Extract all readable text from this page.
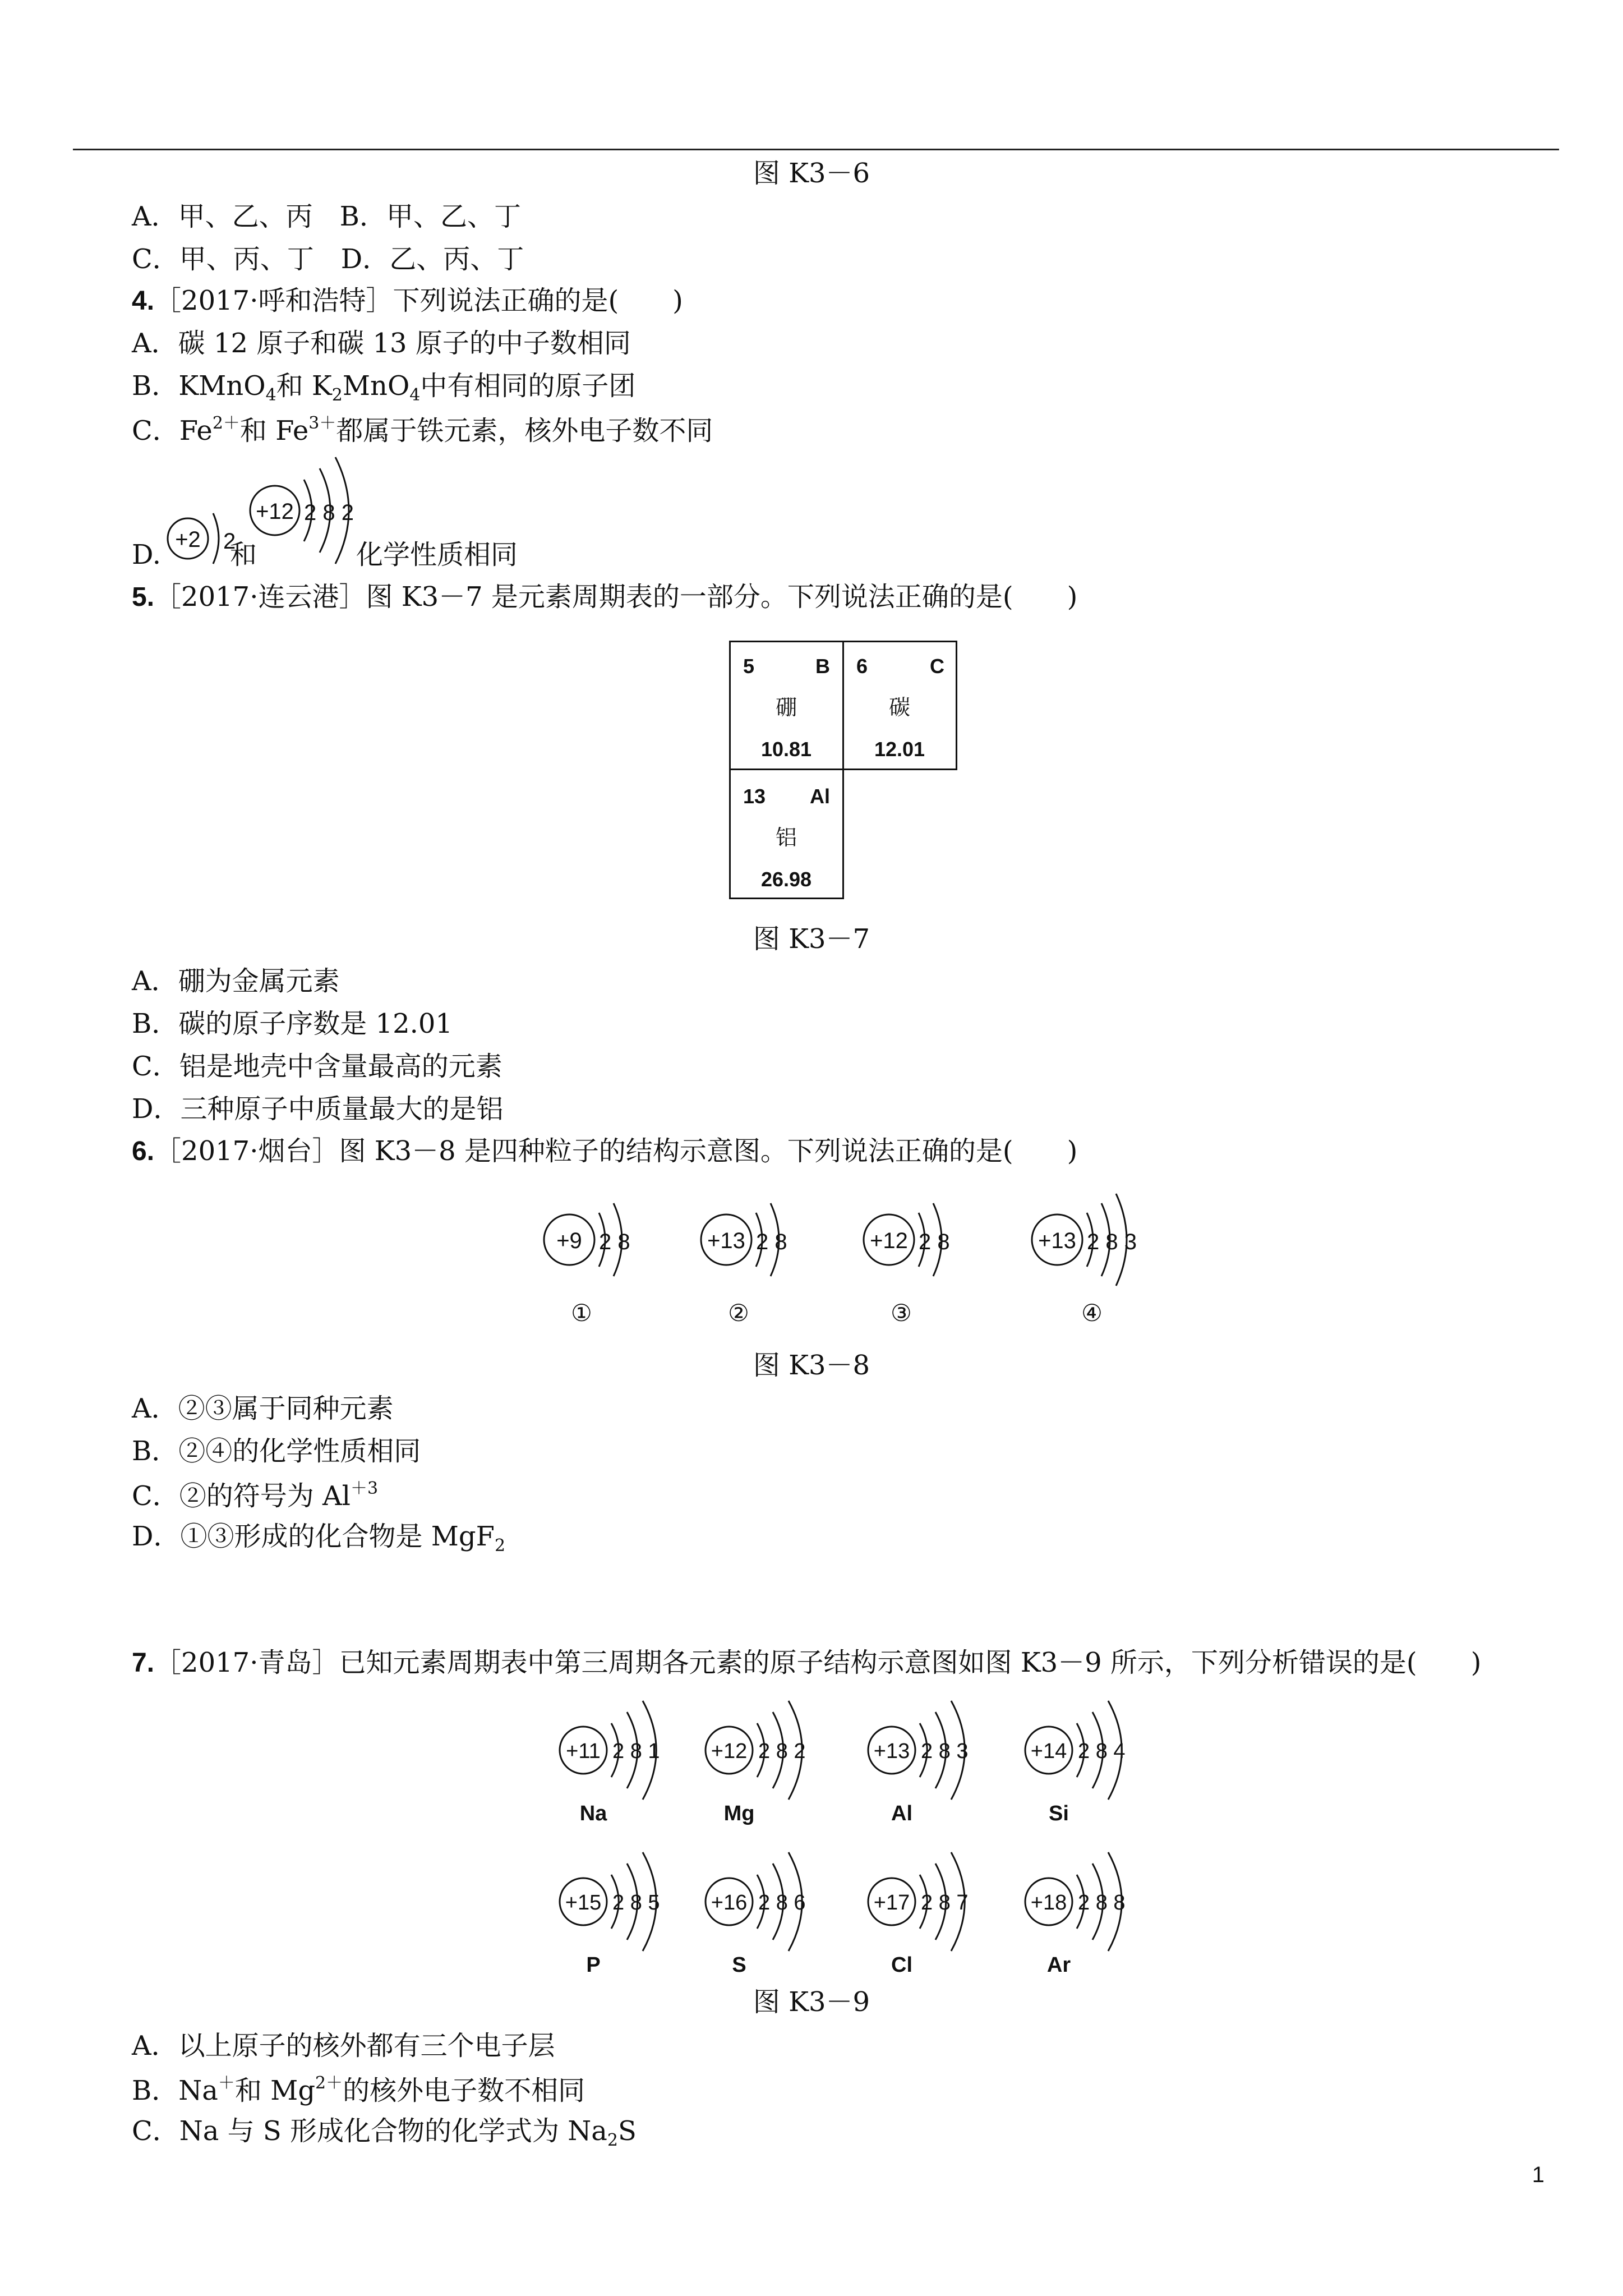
图 K3－6
A．甲、乙、丙　B．甲、乙、丁
C．甲、丙、丁　D．乙、丙、丁
4.［2017·呼和浩特］下列说法正确的是(　　)
A．碳 12 原子和碳 13 原子的中子数相同
B．KMnO$_4$和 $K_2MnO_4$中有相同的原子团
C．$Fe^{2+}$和 $Fe^{3+}$都属于铁元素，核外电子数不同
D.	和	化学性质相同
+2 2
+12 2 8 2
5.［2017·连云港］图 K3－7 是元素周期表的一部分。下列说法正确的是(　　)
5	B
硼
10.81
6	C
碳
12.01
13 Al
铝
26.98
图 K3－7
A．硼为金属元素
B．碳的原子序数是 12.01
C．铝是地壳中含量最高的元素
D．三种原子中质量最大的是铝
6.［2017·烟台］图 K3－8 是四种粒子的结构示意图。下列说法正确的是(　　)
+9 2 8
①
+13 2 8
②
+12 2 8
③
+13 2 8 3
④
图 K3－8
A．②③属于同种元素
B．②④的化学性质相同
C．②的符号为 $Al^{+3}$
D．①③形成的化合物是 MgF$_2$
7.［2017·青岛］已知元素周期表中第三周期各元素的原子结构示意图如图 K3－9 所示，下列分析错误的是(　　)
+11 2 8 1
Na
+12 2 8 2
Mg
+13 2 8 3
Al
+14 2 8 4
Si
+15 2 8 5
P
+16 2 8 6
S
+17 2 8 7
Cl
+18 2 8 8
Ar
图 K3－9
A．以上原子的核外都有三个电子层
B．Na＋和 $Mg^{2+}$的核外电子数不相同
C．Na 与 S 形成化合物的化学式为 $Na_2S$
1
